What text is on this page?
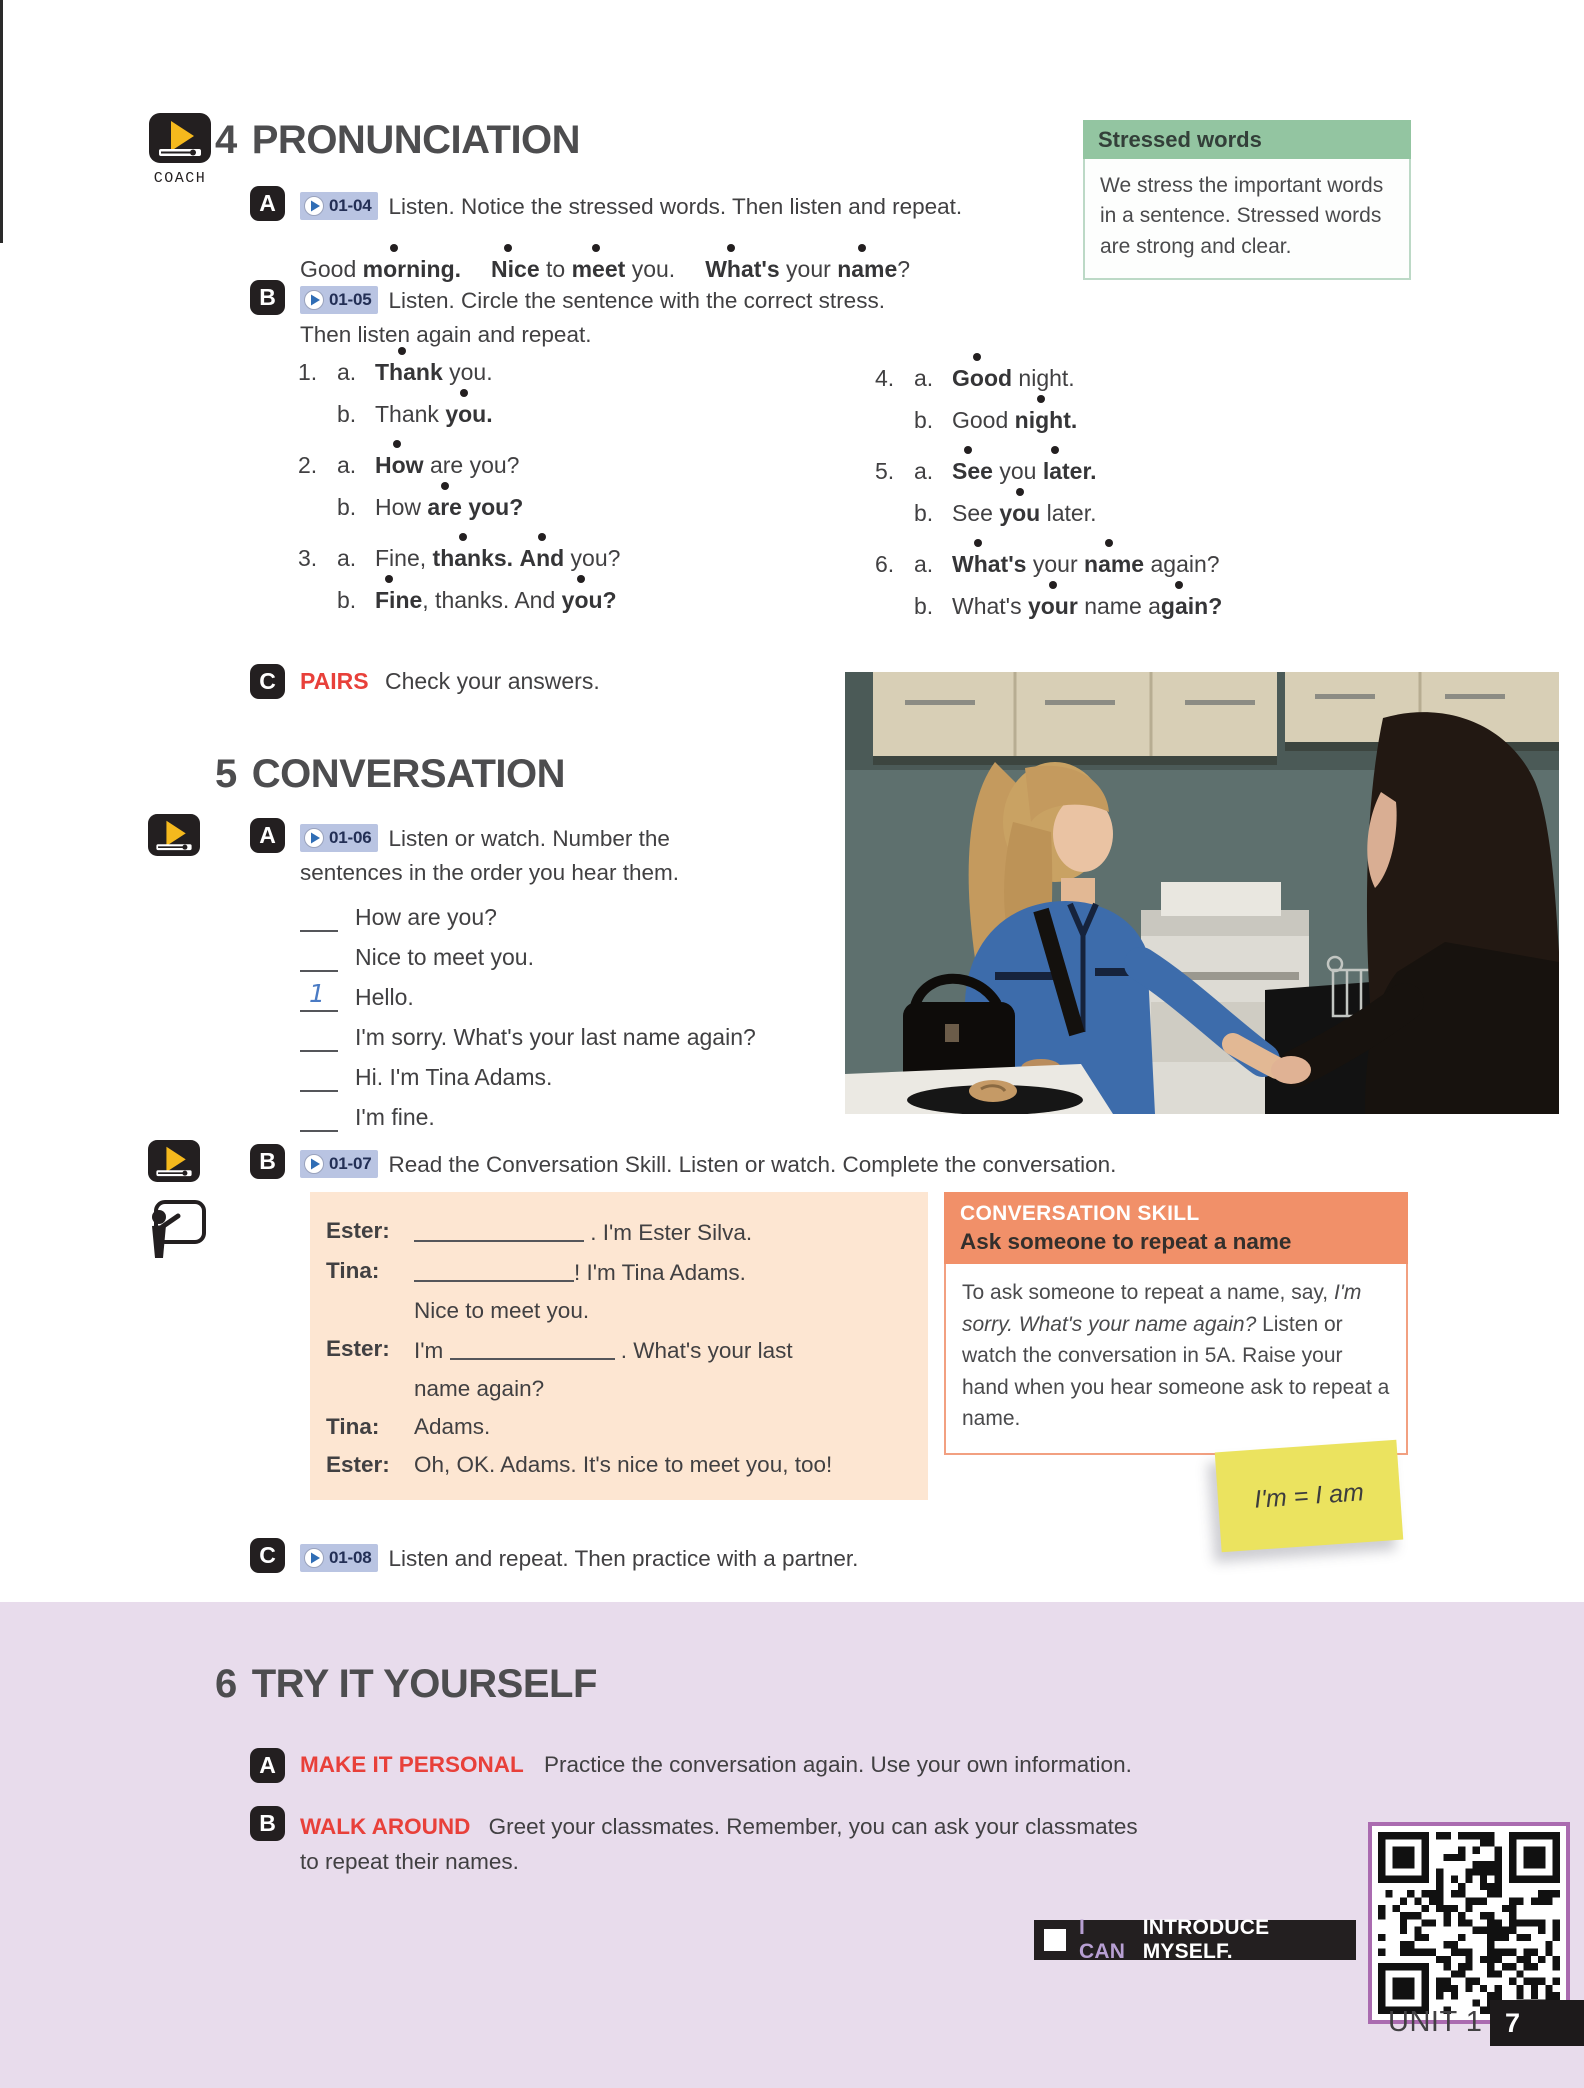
COACH
4 PRONUNCIATION	Stressed words
We stress the important words in a sentence. Stressed words are strong and clear.
A	01-04 Listen. Notice the stressed words. Then listen and repeat.
Good morning. Nice
to meet
you. What's
your name
?
B	01-05 Listen. Circle the sentence with the correct stress.
Then listen again and repeat.
1. a. Thank
you.
b. Thank you.
2. a. How
are you?
b. How are you?
3. a. Fine, thanks. And
you?
b. Fine
, thanks. And you?
4. a. Good
night.
b. Good night.
5. a. See
you later.
b. See you
later.
6. a. What's
your name
again?
b. What's your
name again?
C	PAIRS Check your answers.
5 CONVERSATION
A	01-06 Listen or watch. Number the
sentences in the order you hear them.
How are you?
Nice to meet you.
1 Hello.
I'm sorry. What's your last name again?
Hi. I'm Tina Adams.
I'm fine.
B	01-07 Read the Conversation Skill. Listen or watch. Complete the conversation.
Ester:	. I'm Ester Silva.
Tina:	! I'm Tina Adams.
Nice to meet you.
Ester:	I'm	. What's your last
name again?
Tina:	Adams.
Ester:	Oh, OK. Adams. It's nice to meet you, too!
CONVERSATION SKILL
Ask someone to repeat a name
To ask someone to repeat a name, say, I'm sorry. What's your name again? Listen or watch the conversation in 5A. Raise your hand when you hear someone ask to repeat a name.
I'm = I am
C	01-08 Listen and repeat. Then practice with a partner.
6 TRY IT YOURSELF
A	MAKE IT PERSONAL Practice the conversation again. Use your own information.
B	WALK AROUND Greet your classmates. Remember, you can ask your classmates
to repeat their names.
I CAN
INTRODUCE MYSELF.
UNIT 1 7
